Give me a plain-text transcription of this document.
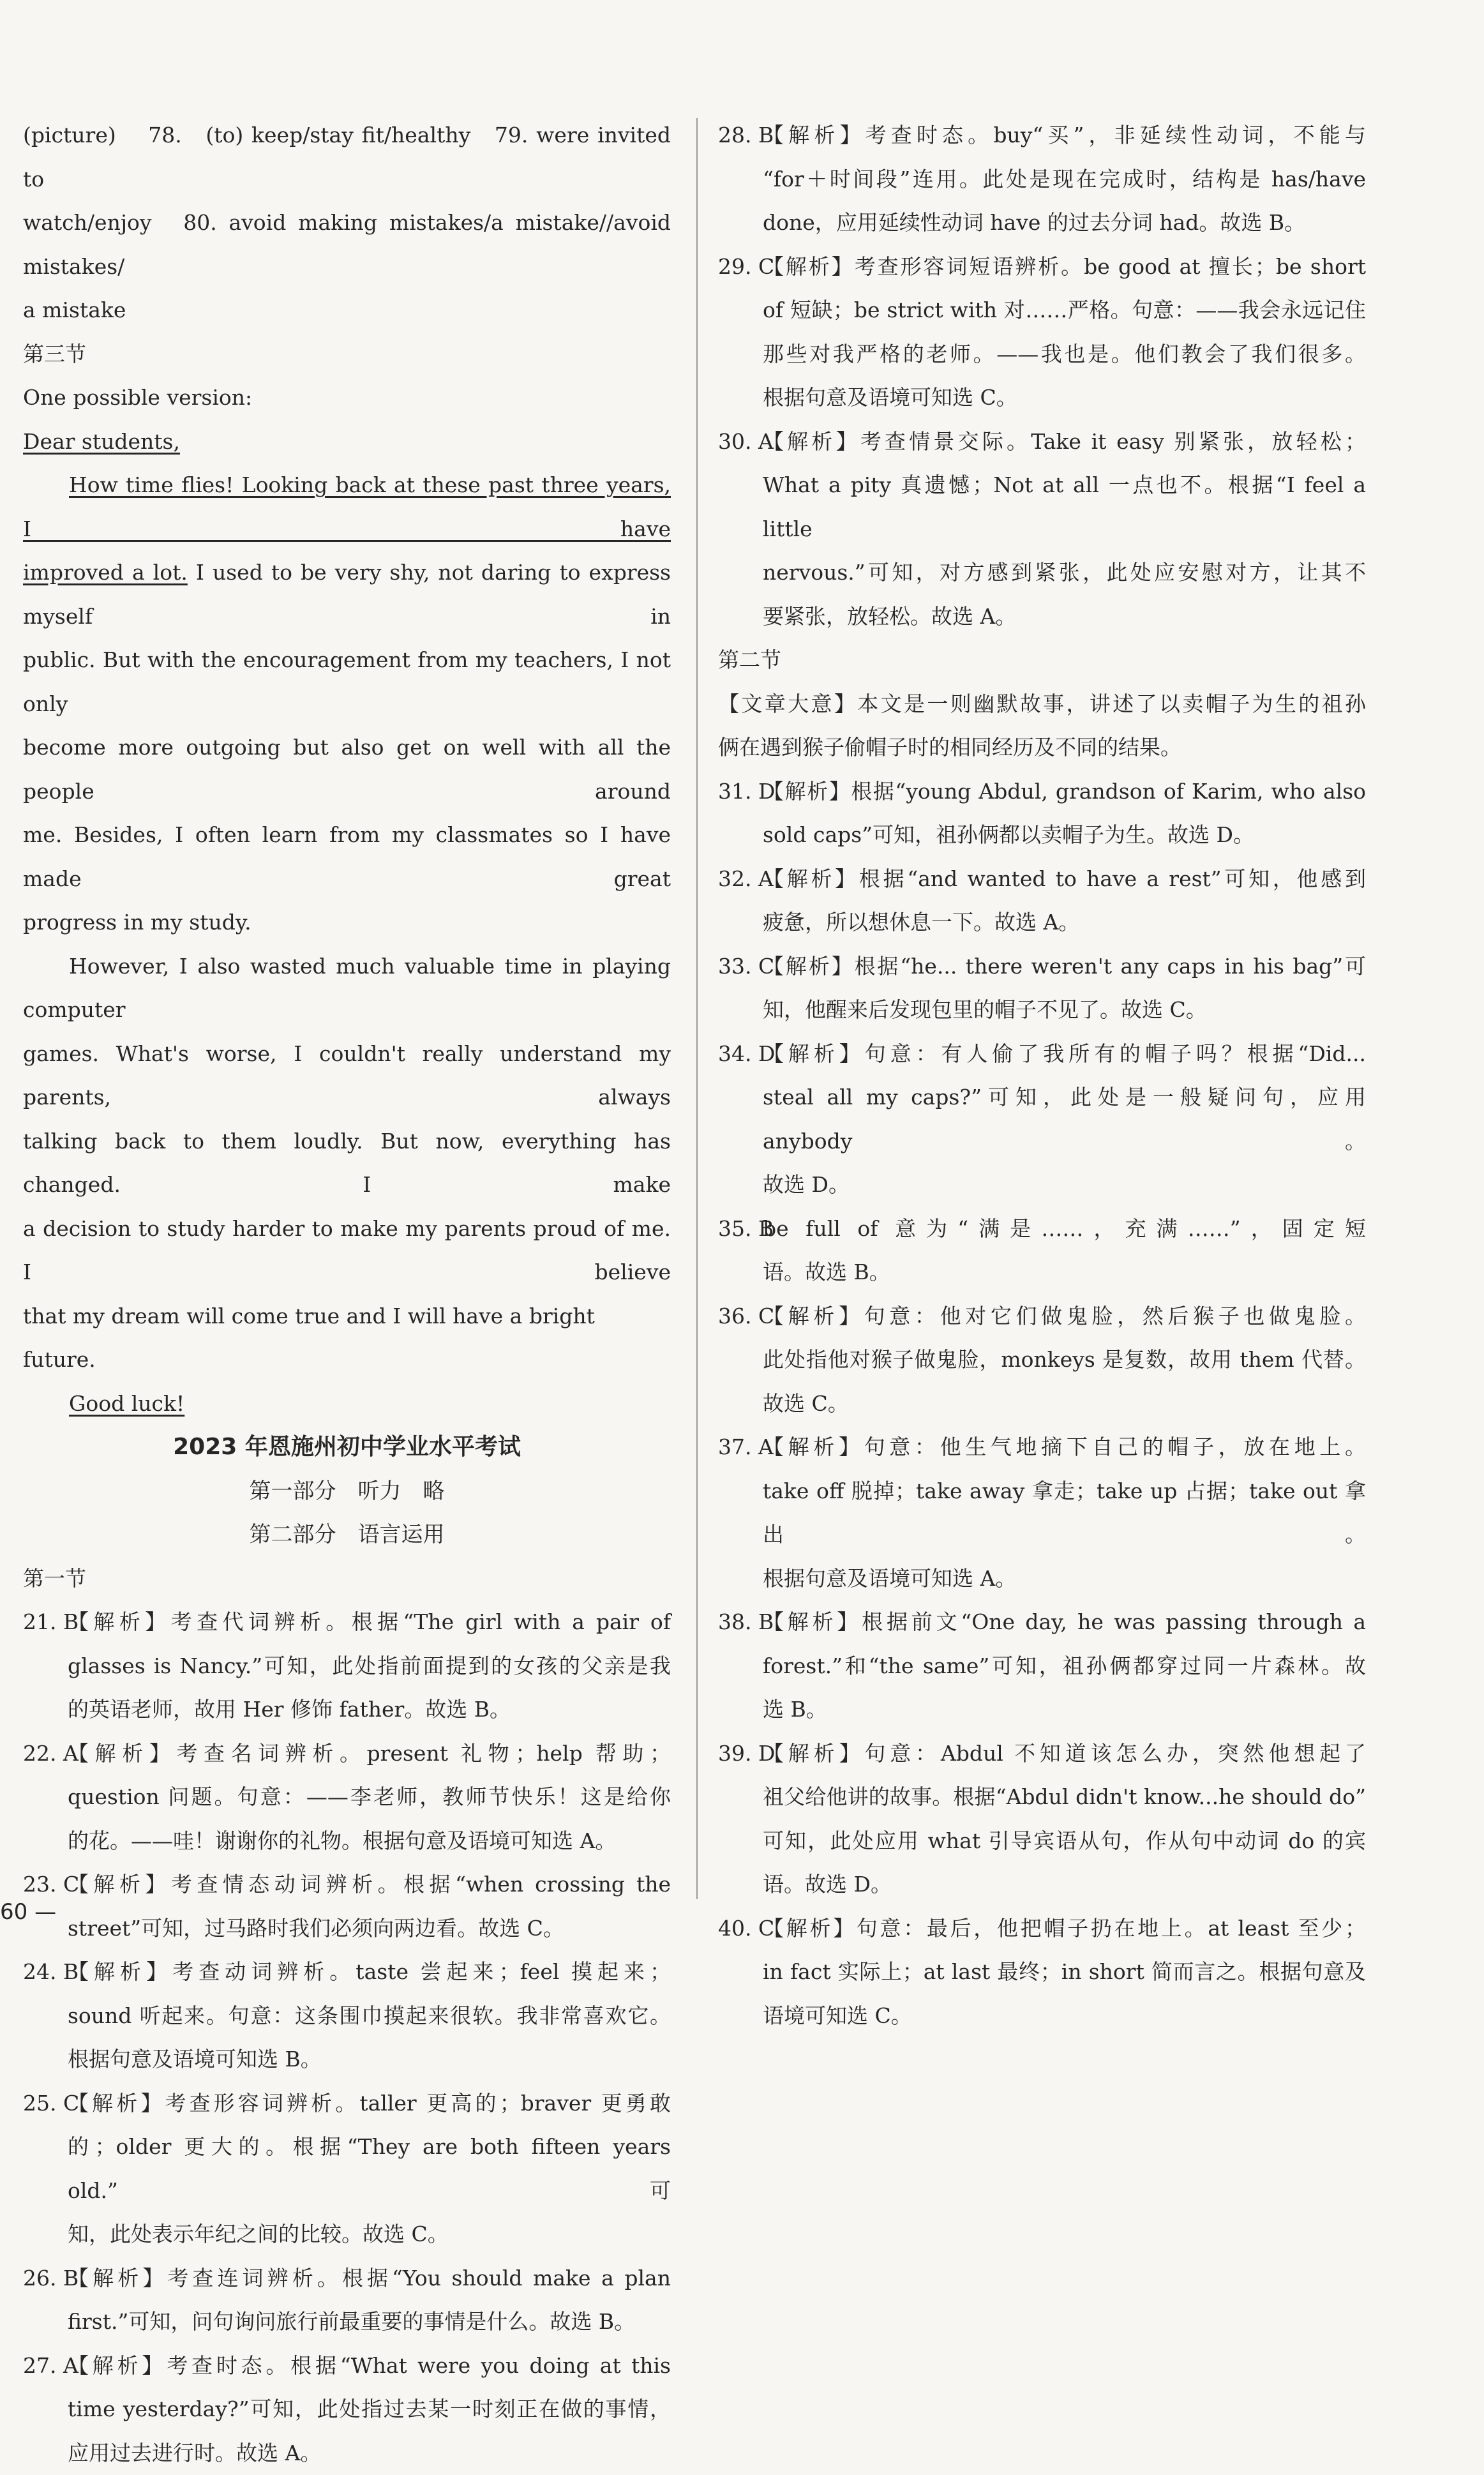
(picture)　 78.　(to) keep/stay fit/healthy　79. were invited to

watch/enjoy　80. avoid making mistakes/a mistake//avoid mistakes/

a mistake

第三节

One possible version:

Dear students,

How time flies! Looking back at these past three years, I have

improved a lot. I used to be very shy, not daring to express myself in

public. But with the encouragement from my teachers, I not only

become more outgoing but also get on well with all the people around

me. Besides, I often learn from my classmates so I have made great

progress in my study.

However, I also wasted much valuable time in playing computer

games. What's worse, I couldn't really understand my parents, always

talking back to them loudly. But now, everything has changed. I make

a decision to study harder to make my parents proud of me. I believe

that my dream will come true and I will have a bright future.

Good luck!

2023 年恩施州初中学业水平考试

第一部分　听力　略

第二部分　语言运用

第一节

21. B
【解析】考查代词辨析。根据“The girl with a pair of
glasses is Nancy.”可知，此处指前面提到的女孩的父亲是我
的英语老师，故用 Her 修饰 father。故选 B。
22. A
【解析】考查名词辨析。present 礼物；help 帮助；
question 问题。句意：——李老师，教师节快乐！这是给你
的花。——哇！谢谢你的礼物。根据句意及语境可知选 A。
23. C
【解析】考查情态动词辨析。根据“when crossing the
street”可知，过马路时我们必须向两边看。故选 C。
24. B
【解析】考查动词辨析。taste 尝起来；feel 摸起来；
sound 听起来。句意：这条围巾摸起来很软。我非常喜欢它。
根据句意及语境可知选 B。
25. C
【解析】考查形容词辨析。taller 更高的；braver 更勇敢
的；older 更大的。根据“They are both fifteen years old.”可
知，此处表示年纪之间的比较。故选 C。
26. B
【解析】考查连词辨析。根据“You should make a plan
first.”可知，问句询问旅行前最重要的事情是什么。故选 B。
27. A
【解析】考查时态。根据“What were you doing at this
time yesterday?”可知，此处指过去某一时刻正在做的事情，
应用过去进行时。故选 A。
28. B
【解析】考查时态。buy“买”，非延续性动词，不能与
“for＋时间段”连用。此处是现在完成时，结构是 has/have
done，应用延续性动词 have 的过去分词 had。故选 B。
29. C
【解析】考查形容词短语辨析。be good at 擅长；be short
of 短缺；be strict with 对……严格。句意：——我会永远记住
那些对我严格的老师。——我也是。他们教会了我们很多。
根据句意及语境可知选 C。
30. A
【解析】考查情景交际。Take it easy 别紧张，放轻松；
What a pity 真遗憾；Not at all 一点也不。根据“I feel a little
nervous.”可知，对方感到紧张，此处应安慰对方，让其不
要紧张，放轻松。故选 A。

第二节

【文章大意】本文是一则幽默故事，讲述了以卖帽子为生的祖孙

俩在遇到猴子偷帽子时的相同经历及不同的结果。

31. D
【解析】根据“young Abdul, grandson of Karim, who also
sold caps”可知，祖孙俩都以卖帽子为生。故选 D。
32. A
【解析】根据“and wanted to have a rest”可知，他感到
疲惫，所以想休息一下。故选 A。
33. C
【解析】根据“he... there weren't any caps in his bag”可
知，他醒来后发现包里的帽子不见了。故选 C。
34. D
【解析】句意：有人偷了我所有的帽子吗？根据“Did...
steal all my caps?”可知，此处是一般疑问句，应用 anybody。
故选 D。
35. B
be full of 意为“满是……，充满……”，固定短
语。故选 B。
36. C
【解析】句意：他对它们做鬼脸，然后猴子也做鬼脸。
此处指他对猴子做鬼脸，monkeys 是复数，故用 them 代替。
故选 C。
37. A
【解析】句意：他生气地摘下自己的帽子，放在地上。
take off 脱掉；take away 拿走；take up 占据；take out 拿出。
根据句意及语境可知选 A。
38. B
【解析】根据前文“One day, he was passing through a
forest.”和“the same”可知，祖孙俩都穿过同一片森林。故
选 B。
39. D
【解析】句意：Abdul 不知道该怎么办，突然他想起了
祖父给他讲的故事。根据“Abdul didn't know...he should do”
可知，此处应用 what 引导宾语从句，作从句中动词 do 的宾
语。故选 D。
40. C
【解析】句意：最后，他把帽子扔在地上。at least 至少；
in fact 实际上；at last 最终；in short 简而言之。根据句意及
语境可知选 C。
60 —
